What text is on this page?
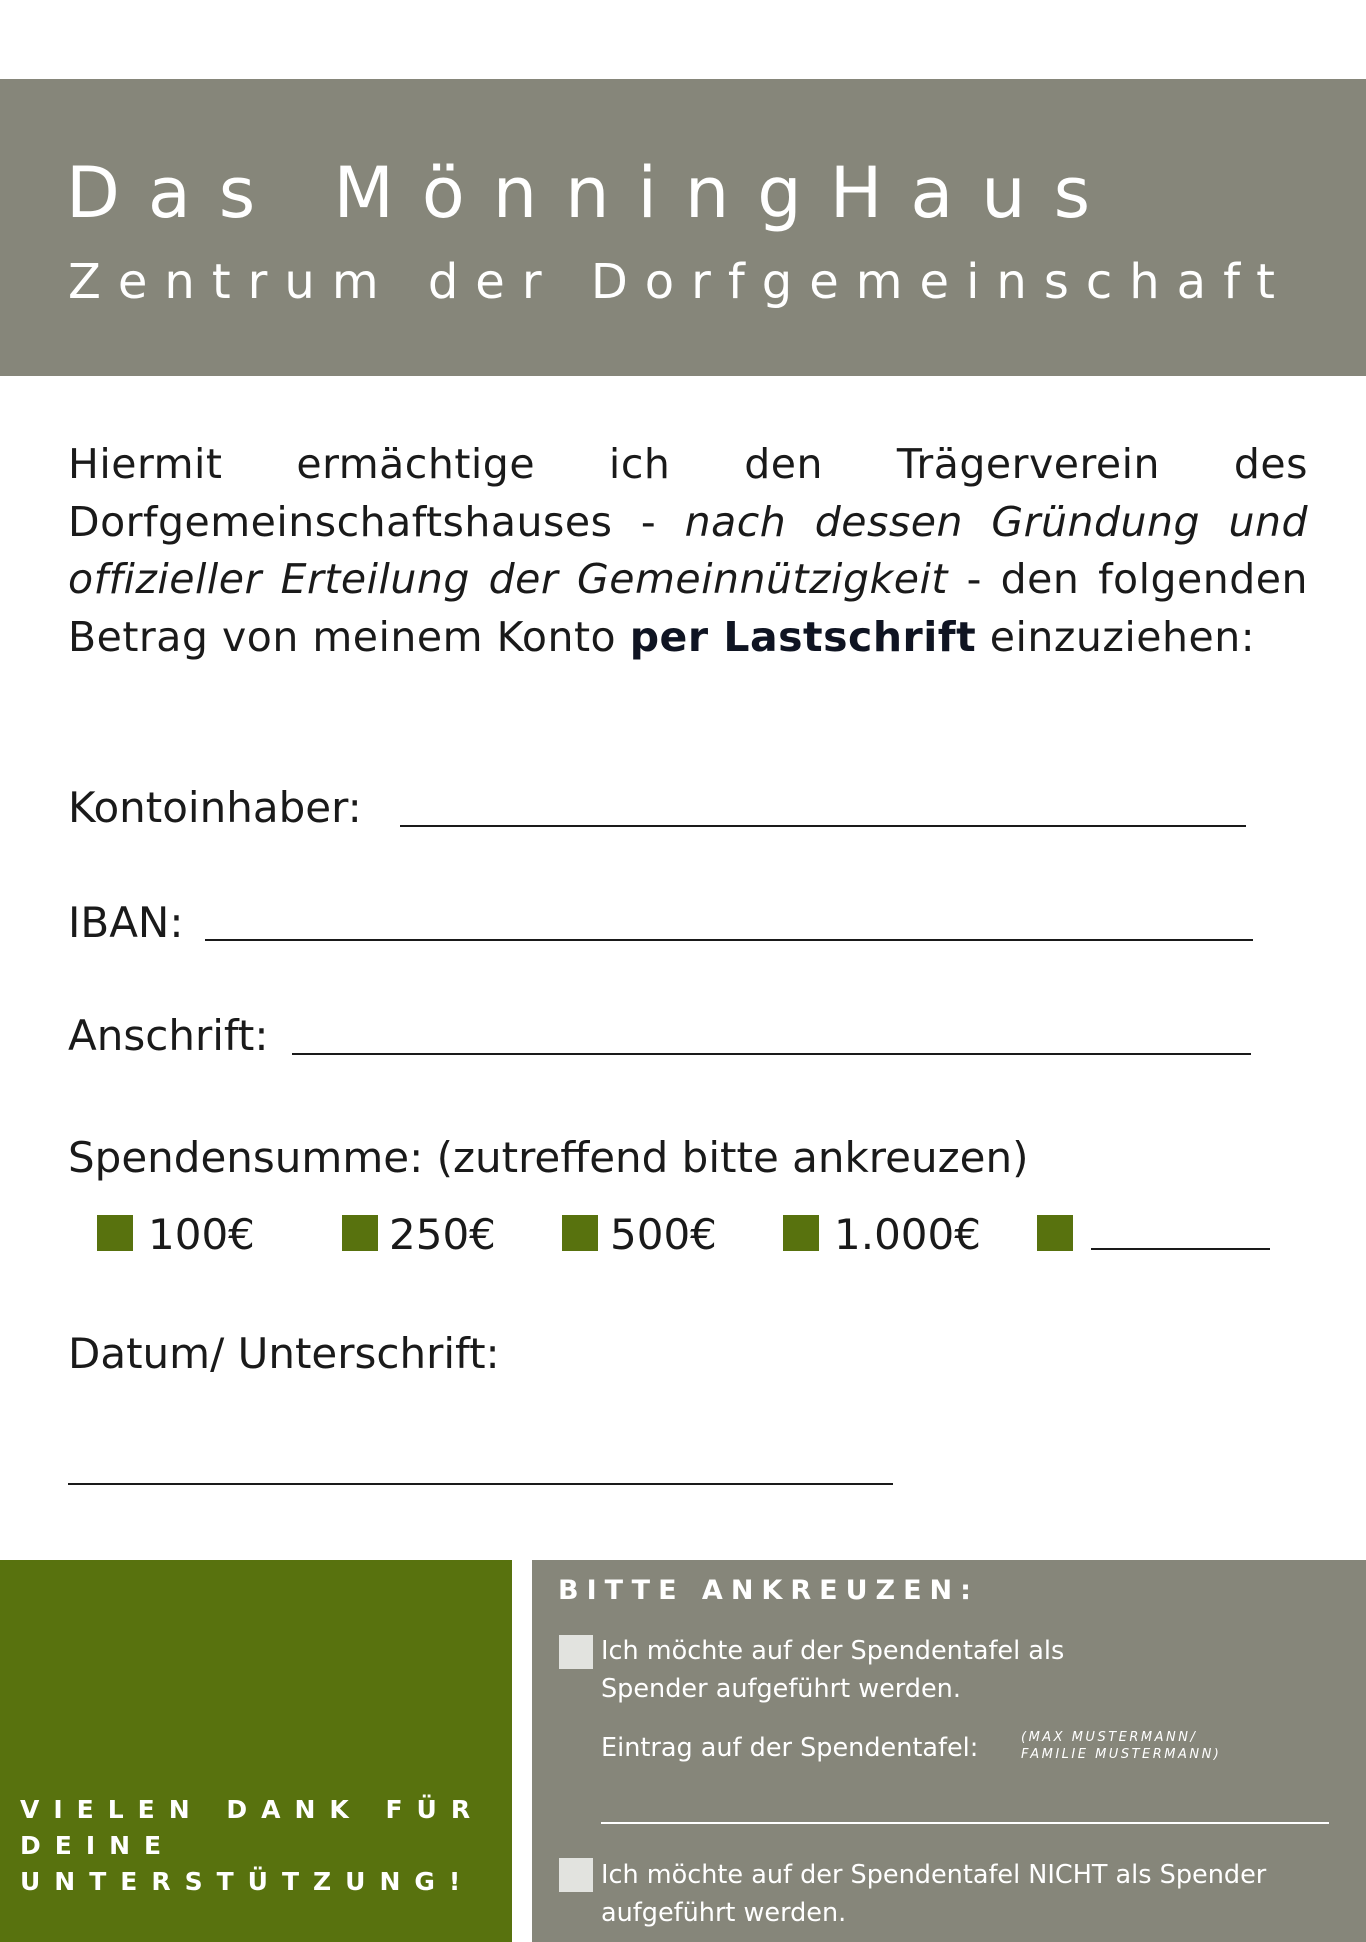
Das MönningHaus
Zentrum der Dorfgemeinschaft
Hiermit ermächtige ich den Trägerverein des Dorfgemeinschaftshauses - nach dessen Gründung und offizieller Erteilung der Gemeinnützigkeit - den folgenden Betrag von meinem Konto per Lastschrift einzuziehen:
Kontoinhaber:
IBAN:
Anschrift:
Spendensumme: (zutreffend bitte ankreuzen)
100€	250€	500€	1.000€
Datum/ Unterschrift:
VIELEN DANK FÜR DEINE UNTERSTÜTZUNG!
BITTE ANKREUZEN:
Ich möchte auf der Spendentafel als Spender aufgeführt werden.
Eintrag auf der Spendentafel:	(MAX MUSTERMANN/
FAMILIE MUSTERMANN)
Ich möchte auf der Spendentafel NICHT als Spender aufgeführt werden.
